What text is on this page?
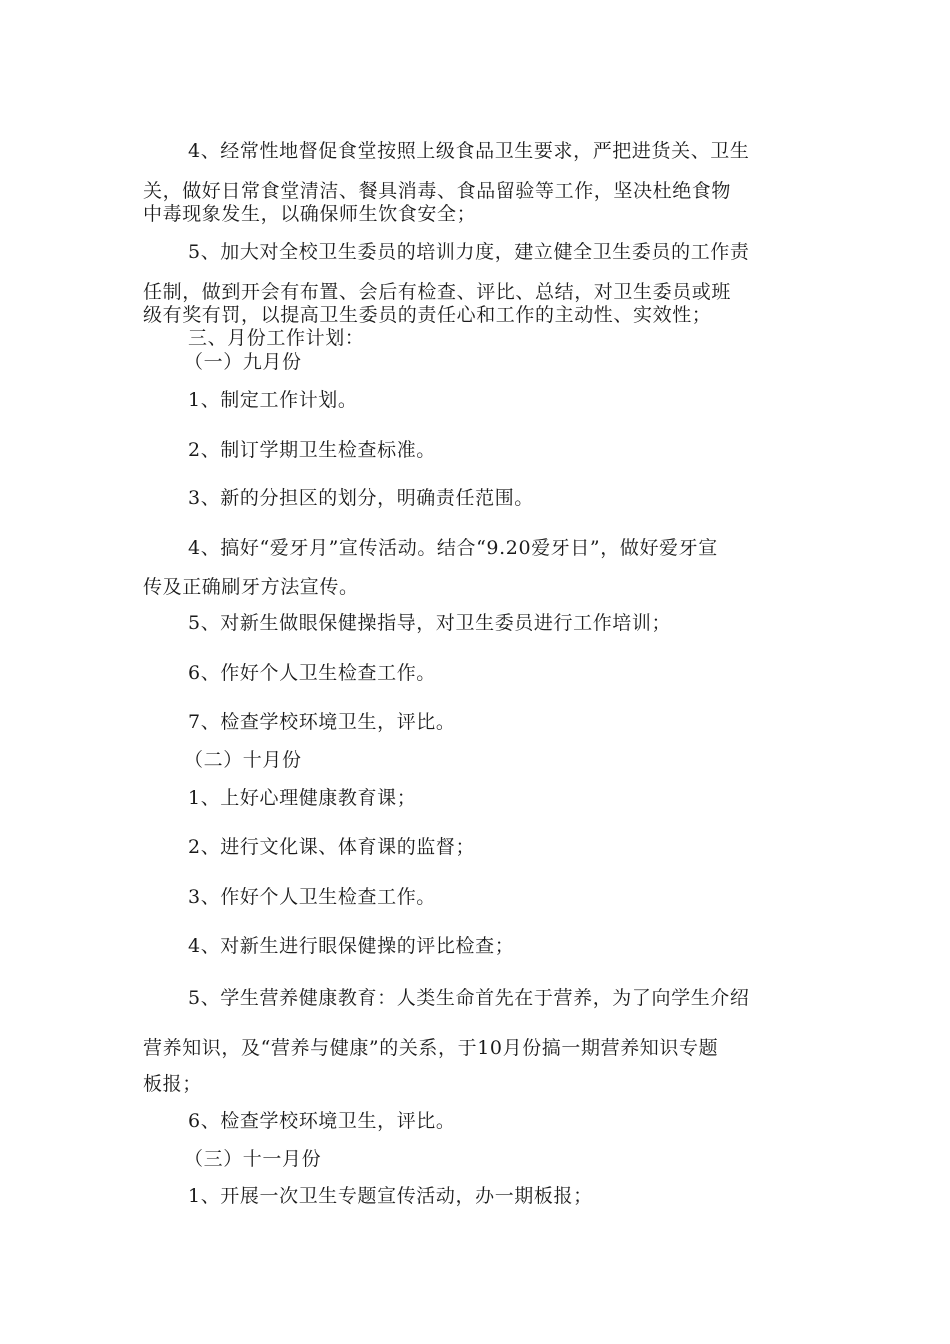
4、经常性地督促食堂按照上级食品卫生要求，严把进货关、卫生
关，做好日常食堂清洁、餐具消毒、食品留验等工作，坚决杜绝食物
中毒现象发生，以确保师生饮食安全；
5、加大对全校卫生委员的培训力度，建立健全卫生委员的工作责
任制，做到开会有布置、会后有检查、评比、总结，对卫生委员或班
级有奖有罚，以提高卫生委员的责任心和工作的主动性、实效性；
三、月份工作计划：
（一）九月份
1、制定工作计划。
2、制订学期卫生检查标准。
3、新的分担区的划分，明确责任范围。
4、搞好“爱牙月”宣传活动。结合“9.20爱牙日”，做好爱牙宣
传及正确刷牙方法宣传。
5、对新生做眼保健操指导，对卫生委员进行工作培训；
6、作好个人卫生检查工作。
7、检查学校环境卫生，评比。
（二）十月份
1、上好心理健康教育课；
2、进行文化课、体育课的监督；
3、作好个人卫生检查工作。
4、对新生进行眼保健操的评比检查；
5、学生营养健康教育：人类生命首先在于营养，为了向学生介绍
营养知识，及“营养与健康”的关系，于10月份搞一期营养知识专题
板报；
6、检查学校环境卫生，评比。
（三）十一月份
1、开展一次卫生专题宣传活动，办一期板报；
